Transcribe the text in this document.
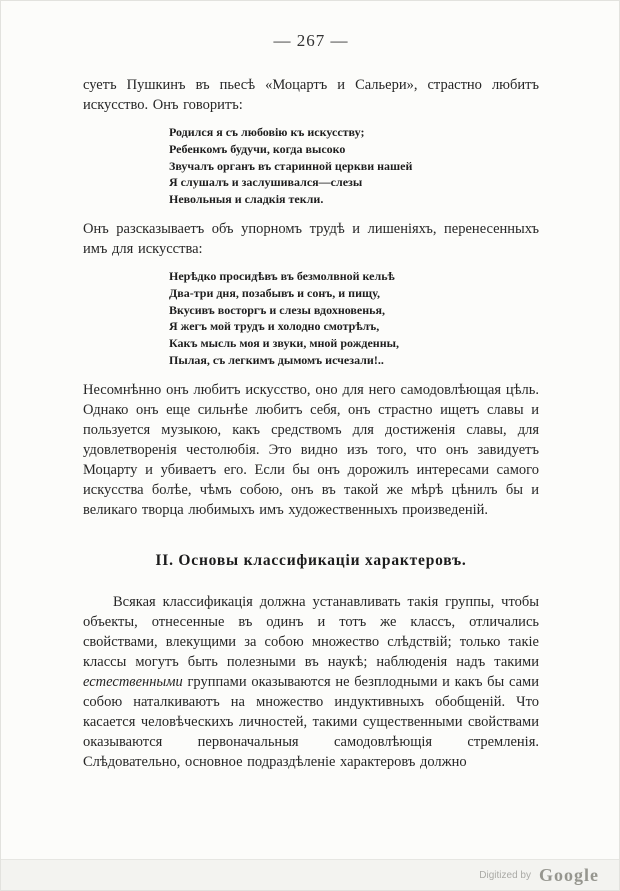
— 267 —

суетъ Пушкинъ въ пьесѣ «Моцартъ и Сальери», страстно любитъ искусство. Онъ говоритъ:

Родился я съ любовію къ искусству;
Ребенкомъ будучи, когда высоко
Звучалъ органъ въ старинной церкви нашей
Я слушалъ и заслушивался—слезы
Невольныя и сладкія текли.

Онъ разсказываетъ объ упорномъ трудѣ и лишеніяхъ, перенесенныхъ имъ для искусства:

Нерѣдко просидѣвъ въ безмолвной кельѣ
Два-три дня, позабывъ и сонъ, и пищу,
Вкусивъ восторгъ и слезы вдохновенья,
Я жегъ мой трудъ и холодно смотрѣлъ,
Какъ мысль моя и звуки, мной рожденны,
Пылая, съ легкимъ дымомъ исчезали!..

Несомнѣнно онъ любитъ искусство, оно для него самодовлѣющая цѣль. Однако онъ еще сильнѣе любитъ себя, онъ страстно ищетъ славы и пользуется музыкою, какъ средствомъ для достиженія славы, для удовлетворенія честолюбія. Это видно изъ того, что онъ завидуетъ Моцарту и убиваетъ его. Если бы онъ дорожилъ интересами самого искусства болѣе, чѣмъ собою, онъ въ такой же мѣрѣ цѣнилъ бы и великаго творца любимыхъ имъ художественныхъ произведеній.

II. Основы классификаціи характеровъ.

Всякая классификація должна устанавливать такія группы, чтобы объекты, отнесенные въ одинъ и тотъ же классъ, отличались свойствами, влекущими за собою множество слѣдствій; только такіе классы могутъ быть полезными въ наукѣ; наблюденія надъ такими естественными группами оказываются не безплодными и какъ бы сами собою наталкиваютъ на множество индуктивныхъ обобщеній. Что касается человѣческихъ личностей, такими существенными свойствами оказываются первоначальныя самодовлѣющія стремленія. Слѣдовательно, основное подраздѣленіе характеровъ должно

Digitized by Google
